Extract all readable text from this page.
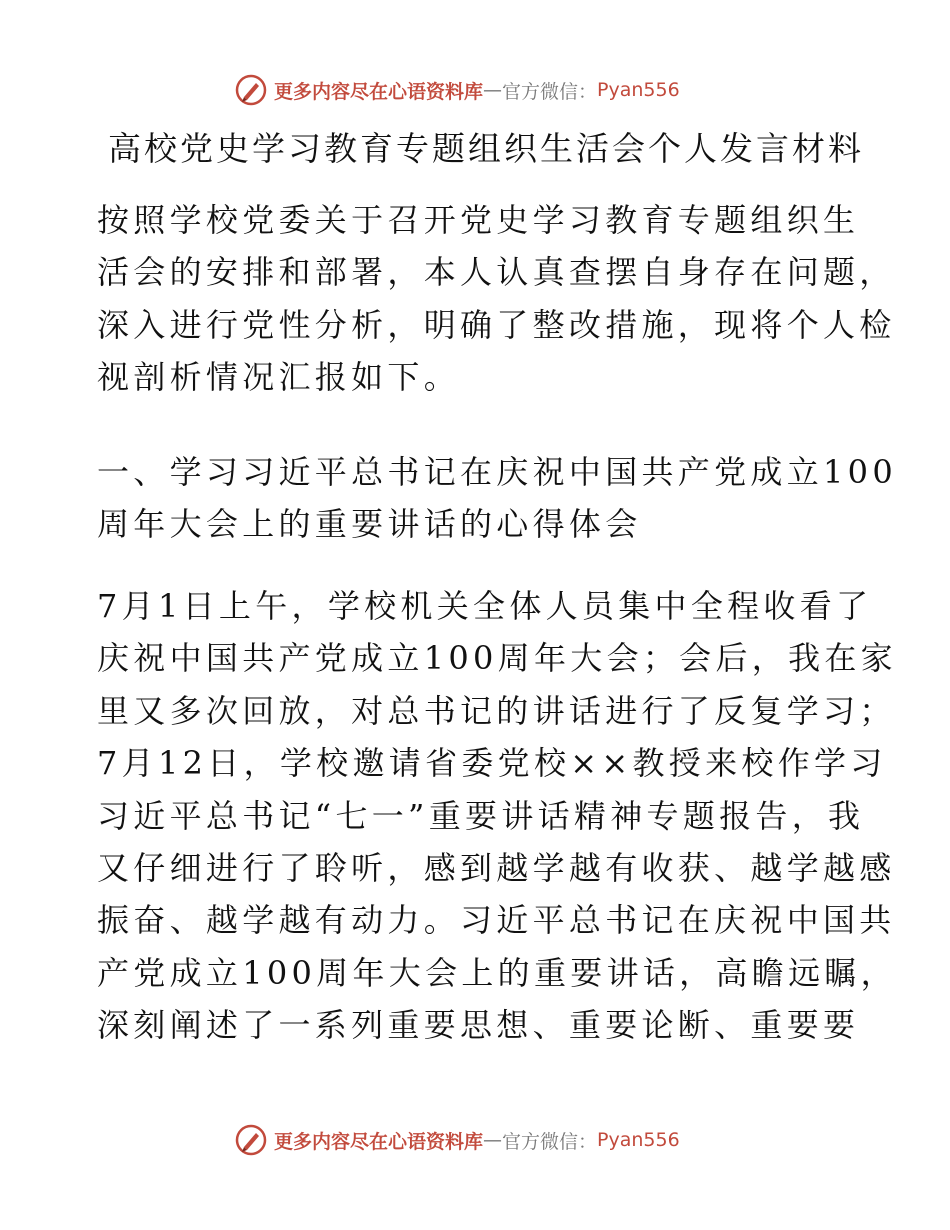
更多内容尽在心语资料库 — 官方微信： Pyan556
高校党史学习教育专题组织生活会个人发言材料
按照学校党委关于召开党史学习教育专题组织生
活会的安排和部署，本人认真查摆自身存在问题，
深入进行党性分析，明确了整改措施，现将个人检
视剖析情况汇报如下。
一、学习习近平总书记在庆祝中国共产党成立100
周年大会上的重要讲话的心得体会
7月1日上午，学校机关全体人员集中全程收看了
庆祝中国共产党成立100周年大会；会后，我在家
里又多次回放，对总书记的讲话进行了反复学习；
7月12日，学校邀请省委党校××教授来校作学习
习近平总书记“七一”重要讲话精神专题报告，我
又仔细进行了聆听，感到越学越有收获、越学越感
振奋、越学越有动力。习近平总书记在庆祝中国共
产党成立100周年大会上的重要讲话，高瞻远瞩，
深刻阐述了一系列重要思想、重要论断、重要要
更多内容尽在心语资料库 — 官方微信： Pyan556
